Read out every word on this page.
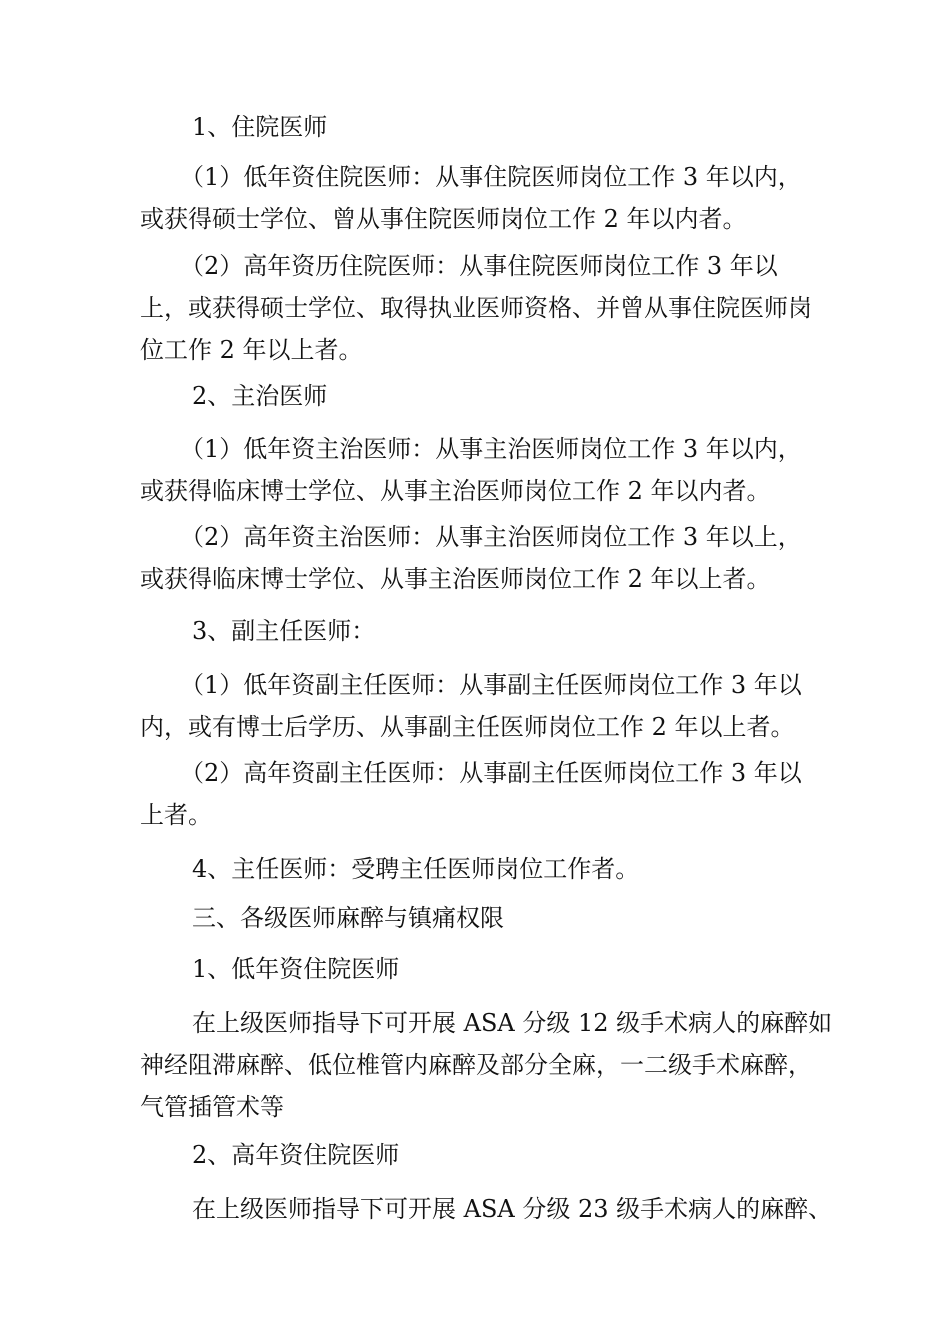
1、住院医师

（1）低年资住院医师：从事住院医师岗位工作 3 年以内，
或获得硕士学位、曾从事住院医师岗位工作 2 年以内者。

（2）高年资历住院医师：从事住院医师岗位工作 3 年以
上，或获得硕士学位、取得执业医师资格、并曾从事住院医师岗
位工作 2 年以上者。

2、主治医师

（1）低年资主治医师：从事主治医师岗位工作 3 年以内，
或获得临床博士学位、从事主治医师岗位工作 2 年以内者。

（2）高年资主治医师：从事主治医师岗位工作 3 年以上，
或获得临床博士学位、从事主治医师岗位工作 2 年以上者。

3、副主任医师：

（1）低年资副主任医师：从事副主任医师岗位工作 3 年以
内，或有博士后学历、从事副主任医师岗位工作 2 年以上者。

（2）高年资副主任医师：从事副主任医师岗位工作 3 年以
上者。

4、主任医师：受聘主任医师岗位工作者。

三、各级医师麻醉与镇痛权限

1、低年资住院医师

在上级医师指导下可开展 ASA 分级 12 级手术病人的麻醉如
神经阻滞麻醉、低位椎管内麻醉及部分全麻，一二级手术麻醉，
气管插管术等

2、高年资住院医师

在上级医师指导下可开展 ASA 分级 23 级手术病人的麻醉、
